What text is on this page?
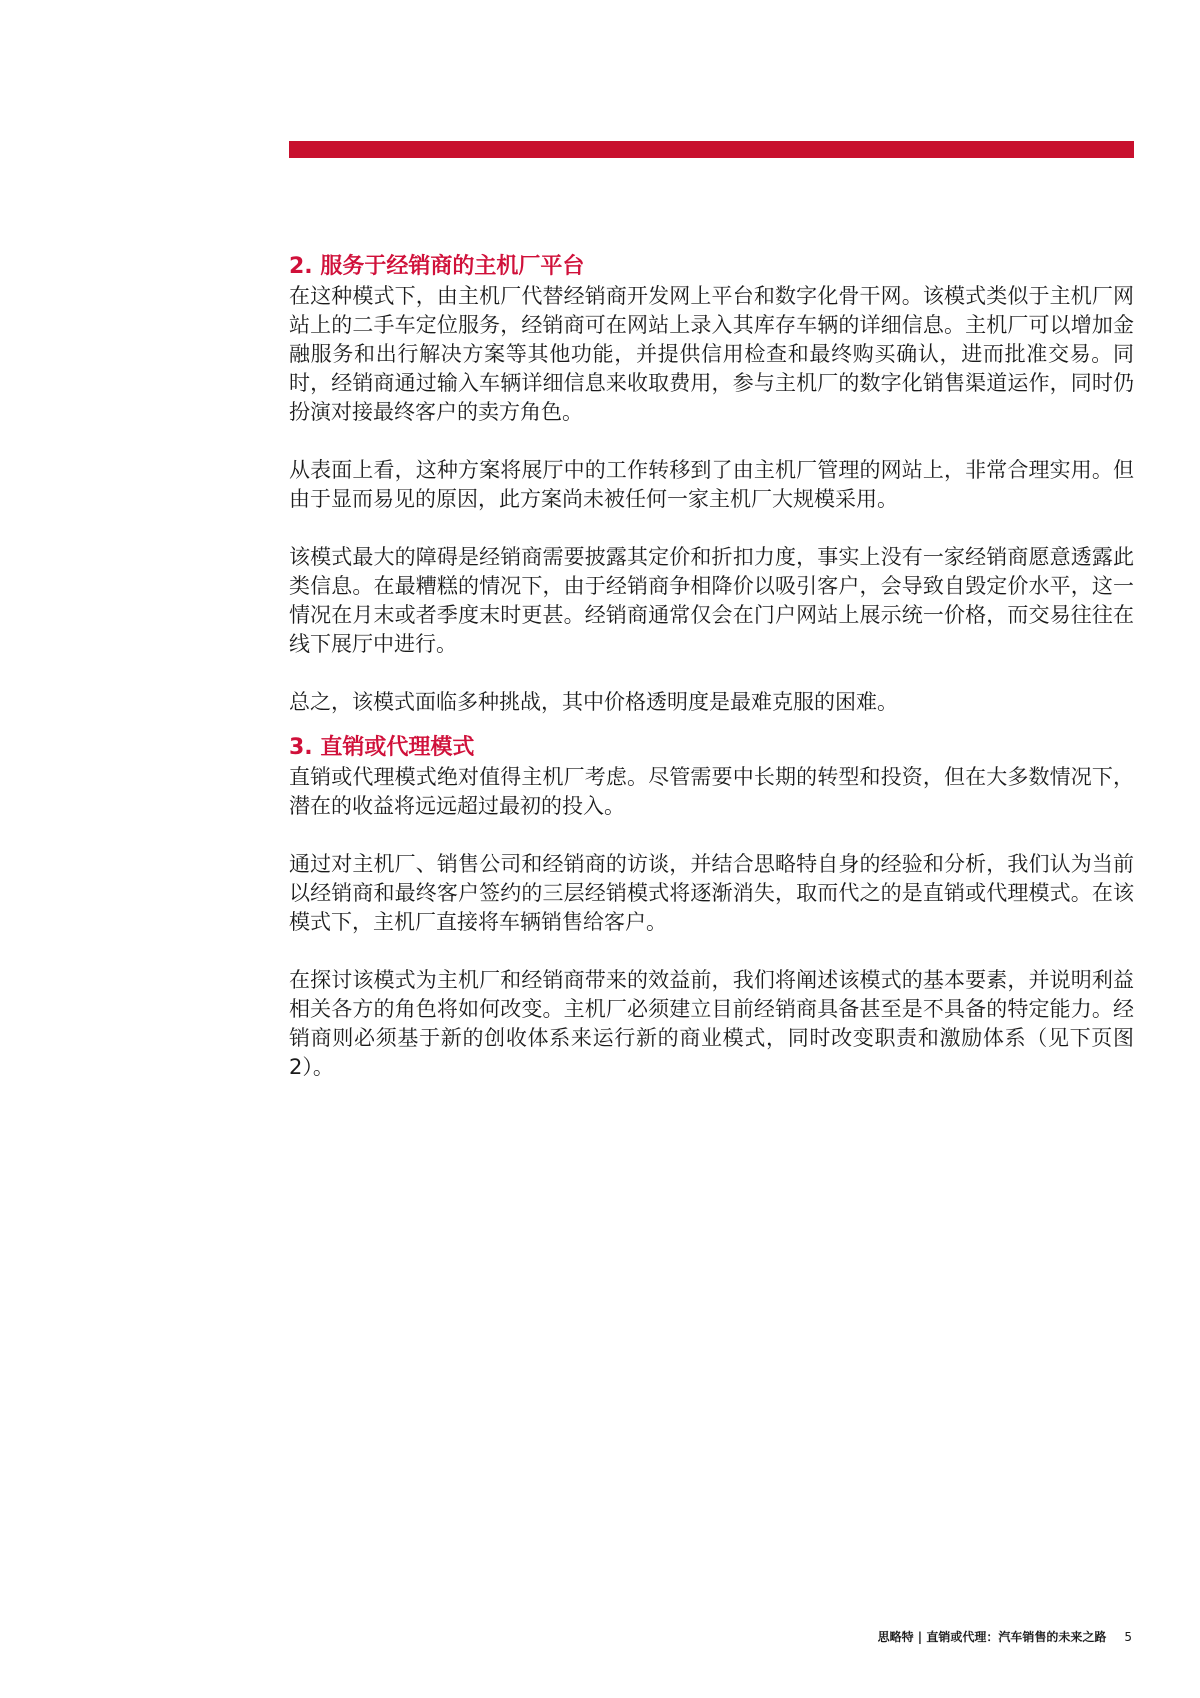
2. 服务于经销商的主机厂平台

在这种模式下，由主机厂代替经销商开发网上平台和数字化骨干网。该模式类似于主机厂网站上的二手车定位服务，经销商可在网站上录入其库存车辆的详细信息。主机厂可以增加金融服务和出行解决方案等其他功能，并提供信用检查和最终购买确认，进而批准交易。同时，经销商通过输入车辆详细信息来收取费用，参与主机厂的数字化销售渠道运作，同时仍扮演对接最终客户的卖方角色。

从表面上看，这种方案将展厅中的工作转移到了由主机厂管理的网站上，非常合理实用。但由于显而易见的原因，此方案尚未被任何一家主机厂大规模采用。

该模式最大的障碍是经销商需要披露其定价和折扣力度，事实上没有一家经销商愿意透露此类信息。在最糟糕的情况下，由于经销商争相降价以吸引客户，会导致自毁定价水平，这一情况在月末或者季度末时更甚。经销商通常仅会在门户网站上展示统一价格，而交易往往在线下展厅中进行。

总之，该模式面临多种挑战，其中价格透明度是最难克服的困难。

3. 直销或代理模式

直销或代理模式绝对值得主机厂考虑。尽管需要中长期的转型和投资，但在大多数情况下，潜在的收益将远远超过最初的投入。

通过对主机厂、销售公司和经销商的访谈，并结合思略特自身的经验和分析，我们认为当前以经销商和最终客户签约的三层经销模式将逐渐消失，取而代之的是直销或代理模式。在该模式下，主机厂直接将车辆销售给客户。

在探讨该模式为主机厂和经销商带来的效益前，我们将阐述该模式的基本要素，并说明利益相关各方的角色将如何改变。主机厂必须建立目前经销商具备甚至是不具备的特定能力。经销商则必须基于新的创收体系来运行新的商业模式，同时改变职责和激励体系（见下页图2）。

思略特 | 直销或代理：汽车销售的未来之路 5
